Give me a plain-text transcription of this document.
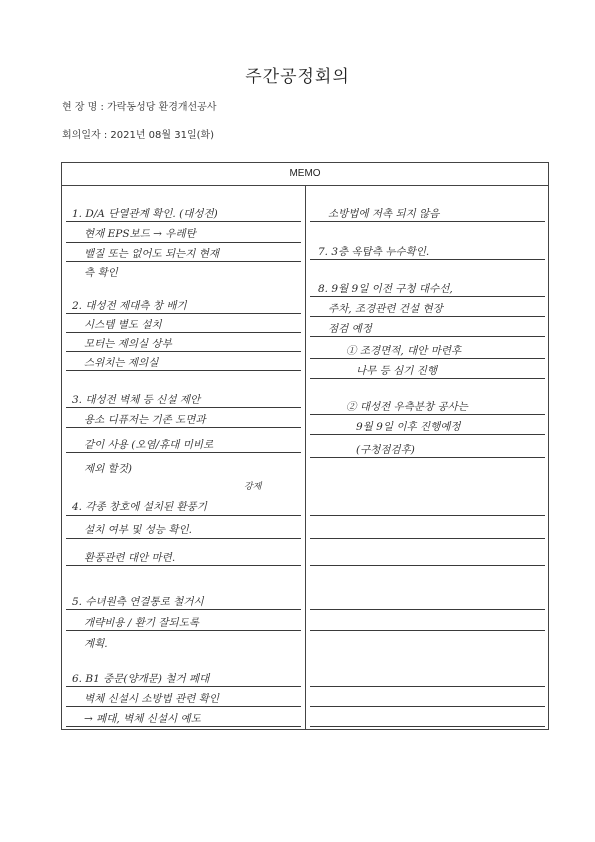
주간공정회의
현 장 명 : 가락동성당 환경개선공사
회의일자 : 2021년 08월 31일(화)
MEMO
1. D/A 단열관계 확인. (대성전)
현재 EPS보드 → 우레탄
밸질 또는 없어도 되는지 현재
측 확인
2. 대성전 제대측 창 배기
시스템 별도 설치
모터는 제의실 상부
스위치는 제의실
3. 대성전 벽체 등 신설 제안
용소 디퓨저는 기존 도면과
같이 사용 (오염/휴대 미비로
제외 할것)
강제
4. 각종 창호에 설치된 환풍기
설치 여부 및 성능 확인.
환풍관련 대안 마련.
5. 수녀원측 연결통로 철거시
개략비용 / 환기 잘되도록
계획.
6. B1 중문(양개문) 철거 폐대
벽체 신설시 소방법 관련 확인
→ 폐대, 벽체 신설시 예도
소방법에 저촉 되지 않음
7. 3층 옥탑측 누수확인.
8. 9월 9일 이전 구청 대수선,
주차, 조경관련 건설 현장
점검 예정
① 조경면적, 대안 마련후
나무 등 심기 진행
② 대성전 우측분창 공사는
9월 9일 이후 진행예정
(구청점검후)
